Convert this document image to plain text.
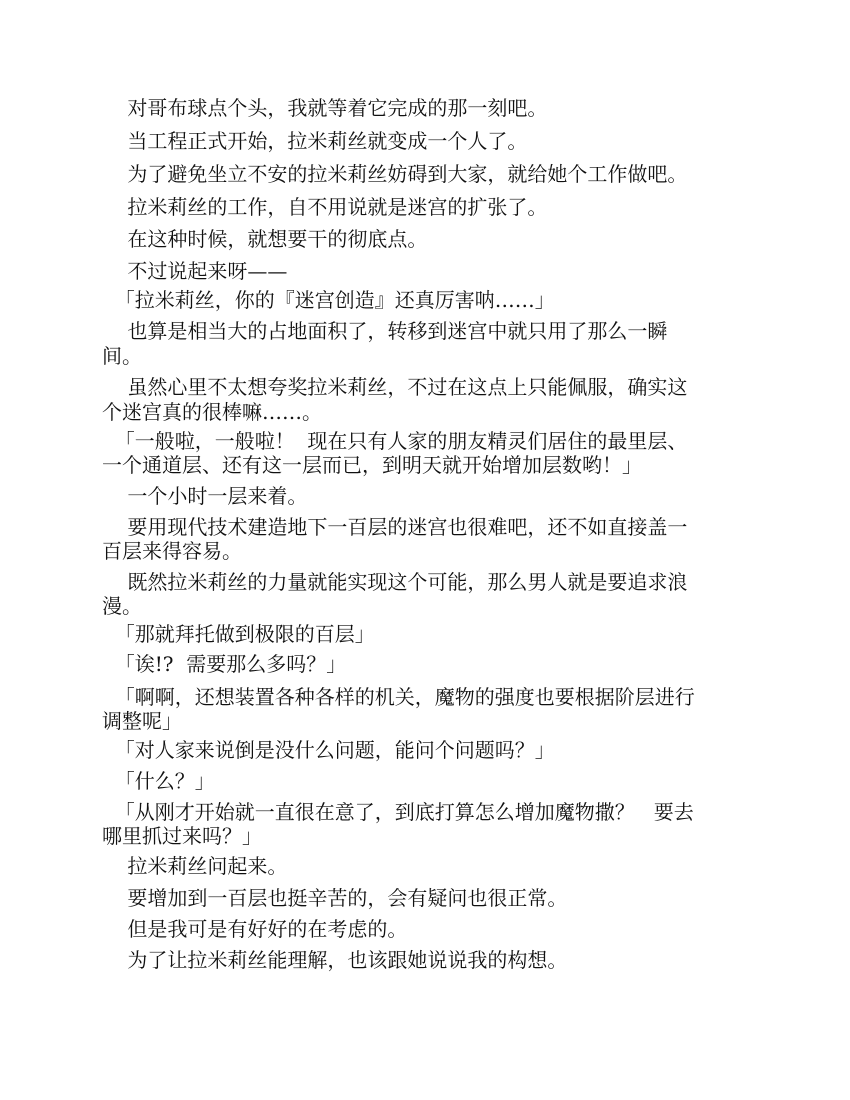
对哥布球点个头，我就等着它完成的那一刻吧。
当工程正式开始，拉米莉丝就变成一个人了。
为了避免坐立不安的拉米莉丝妨碍到大家，就给她个工作做吧。
拉米莉丝的工作，自不用说就是迷宫的扩张了。
在这种时候，就想要干的彻底点。
不过说起来呀——
「拉米莉丝，你的『迷宫创造』还真厉害呐……」
也算是相当大的占地面积了，转移到迷宫中就只用了那么一瞬
间。
虽然心里不太想夸奖拉米莉丝，不过在这点上只能佩服，确实这
个迷宫真的很棒嘛……。
「一般啦，一般啦！  现在只有人家的朋友精灵们居住的最里层、
一个通道层、还有这一层而已，到明天就开始增加层数哟！」
一个小时一层来着。
要用现代技术建造地下一百层的迷宫也很难吧，还不如直接盖一
百层来得容易。
既然拉米莉丝的力量就能实现这个可能，那么男人就是要追求浪
漫。
「那就拜托做到极限的百层」
「诶!?  需要那么多吗？」
「啊啊，还想装置各种各样的机关，魔物的强度也要根据阶层进行
调整呢」
「对人家来说倒是没什么问题，能问个问题吗？」
「什么？」
「从刚才开始就一直很在意了，到底打算怎么增加魔物撒？   要去
哪里抓过来吗？」
拉米莉丝问起来。
要增加到一百层也挺辛苦的，会有疑问也很正常。
但是我可是有好好的在考虑的。
为了让拉米莉丝能理解，也该跟她说说我的构想。
